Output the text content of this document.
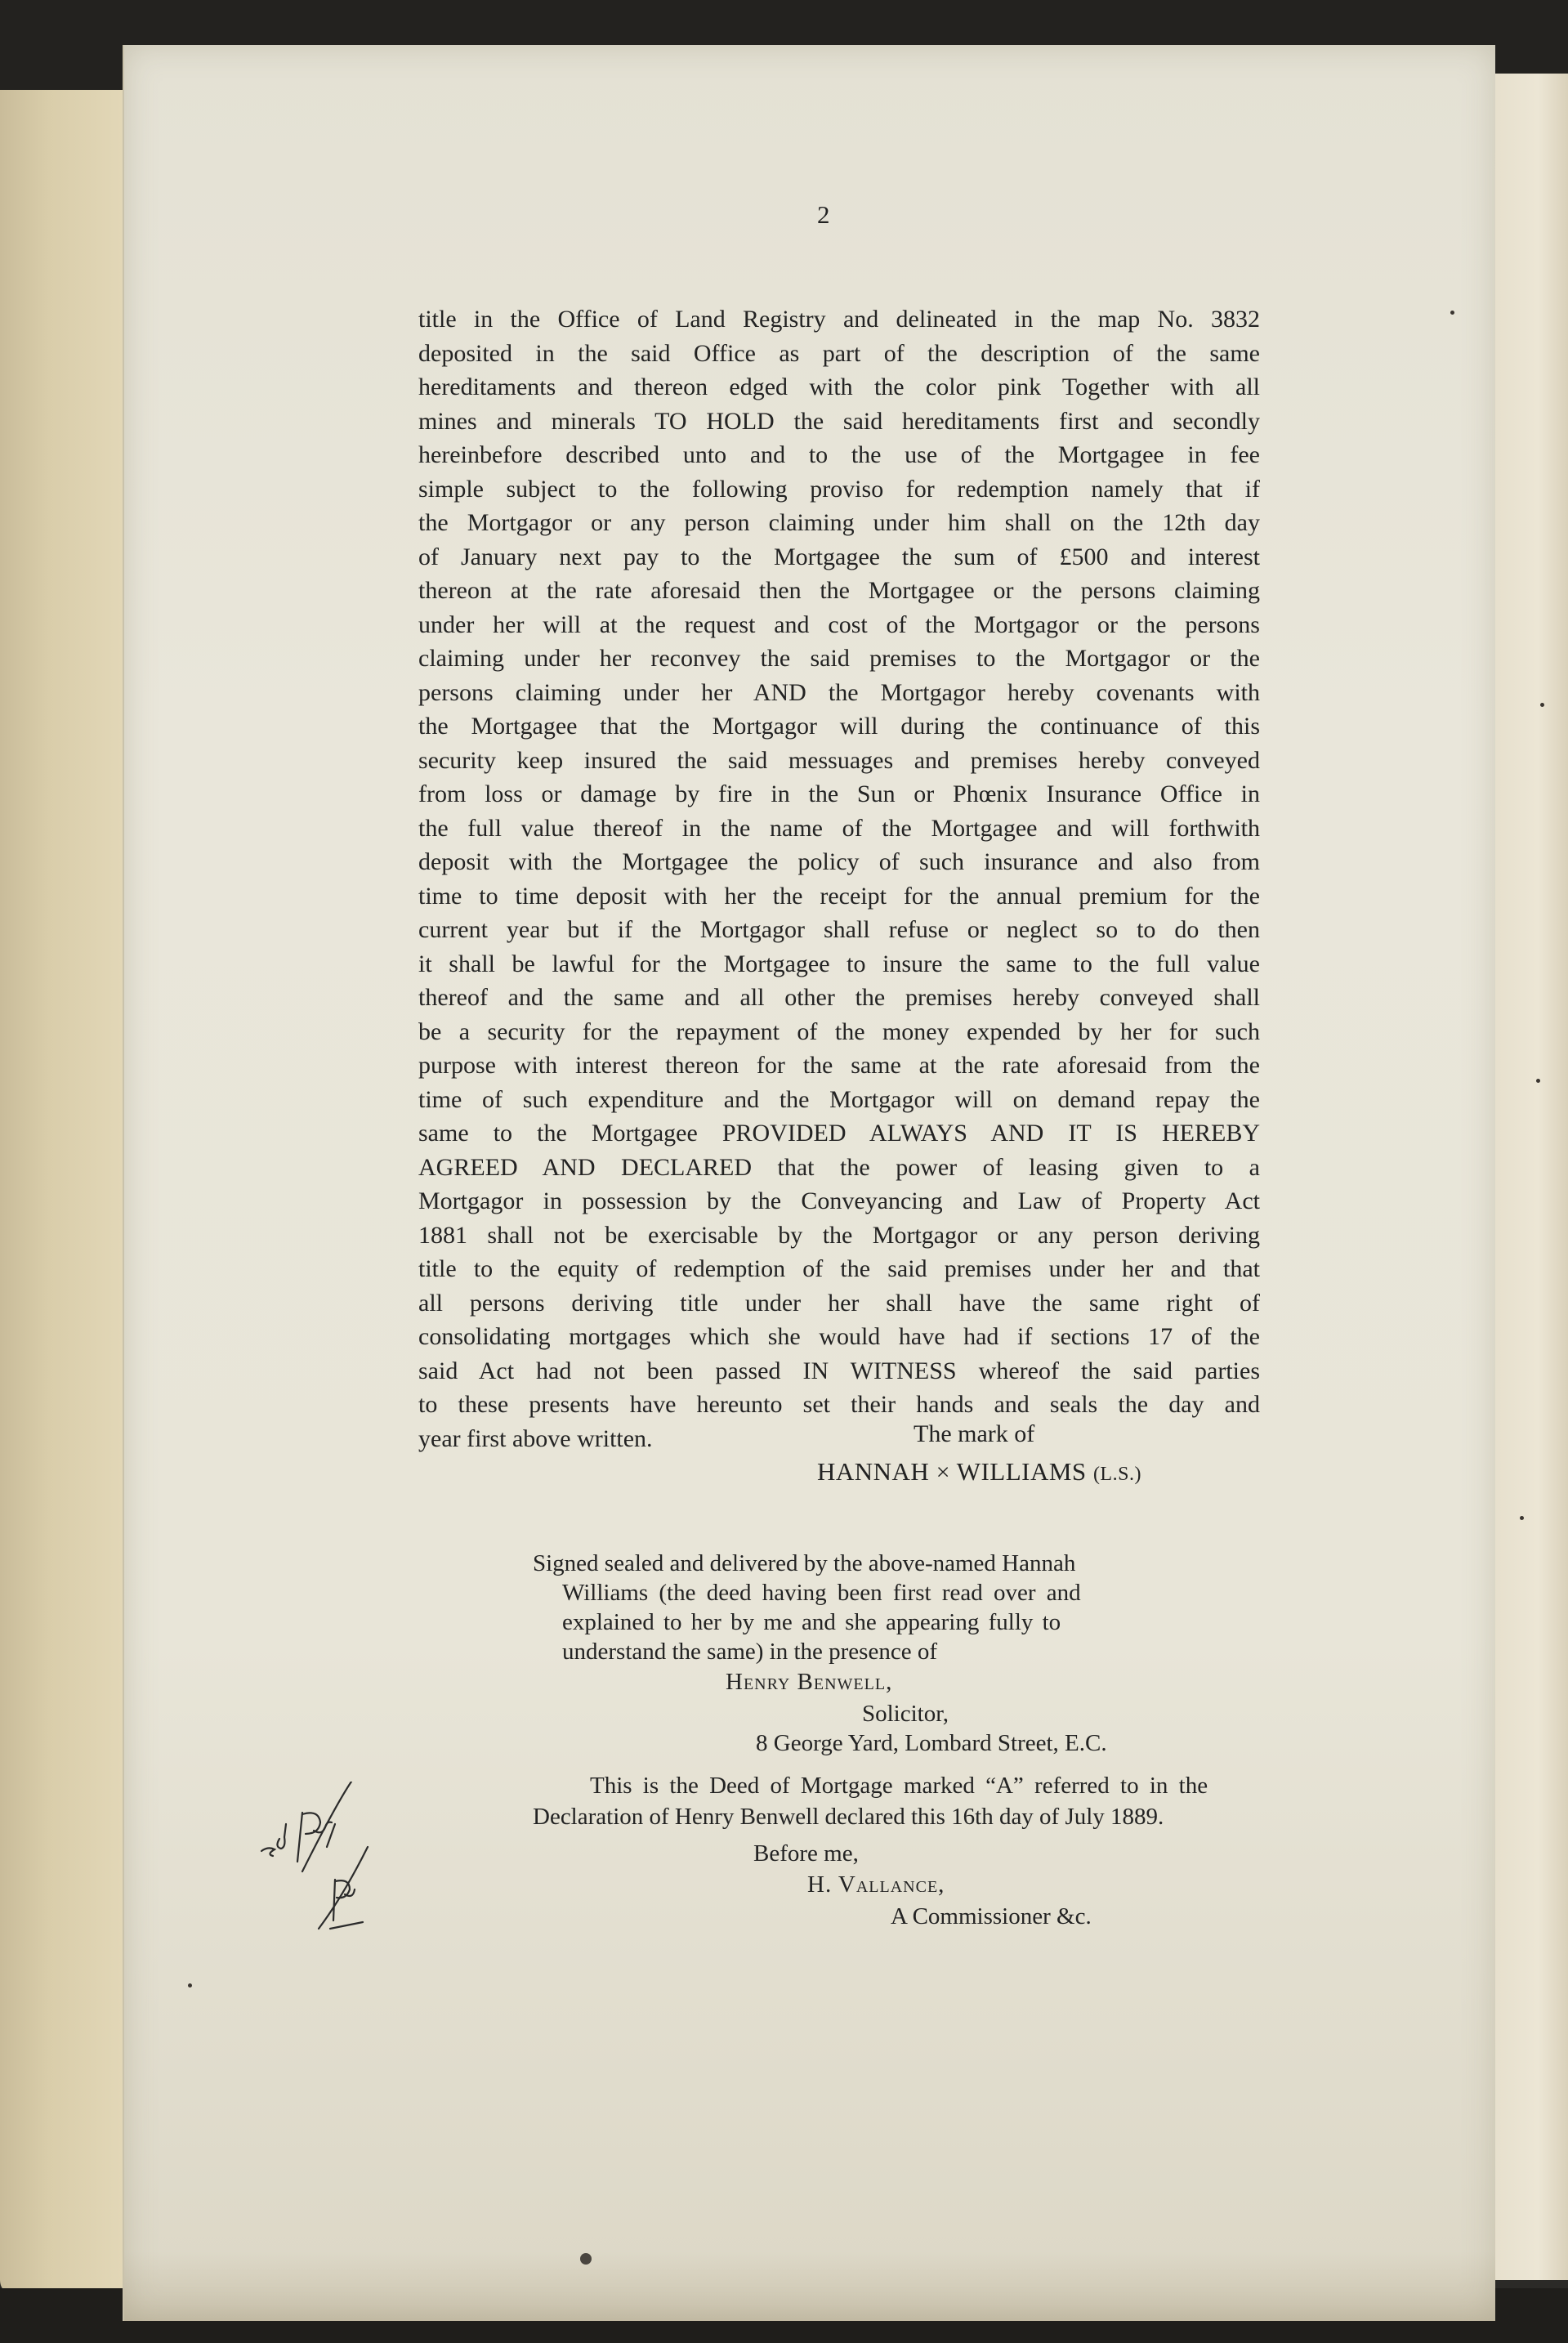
2
title in the Office of Land Registry and delineated in the map No. 3832
deposited in the said Office as part of the description of the same
hereditaments and thereon edged with the color pink Together with all
mines and minerals TO HOLD the said hereditaments first and secondly
hereinbefore described unto and to the use of the Mortgagee in fee
simple subject to the following proviso for redemption namely that if
the Mortgagor or any person claiming under him shall on the 12th day
of January next pay to the Mortgagee the sum of £500 and interest
thereon at the rate aforesaid then the Mortgagee or the persons claiming
under her will at the request and cost of the Mortgagor or the persons
claiming under her reconvey the said premises to the Mortgagor or the
persons claiming under her AND the Mortgagor hereby covenants with
the Mortgagee that the Mortgagor will during the continuance of this
security keep insured the said messuages and premises hereby conveyed
from loss or damage by fire in the Sun or Phœnix Insurance Office in
the full value thereof in the name of the Mortgagee and will forthwith
deposit with the Mortgagee the policy of such insurance and also from
time to time deposit with her the receipt for the annual premium for the
current year but if the Mortgagor shall refuse or neglect so to do then
it shall be lawful for the Mortgagee to insure the same to the full value
thereof and the same and all other the premises hereby conveyed shall
be a security for the repayment of the money expended by her for such
purpose with interest thereon for the same at the rate aforesaid from the
time of such expenditure and the Mortgagor will on demand repay the
same to the Mortgagee PROVIDED ALWAYS AND IT IS HEREBY
AGREED AND DECLARED that the power of leasing given to a
Mortgagor in possession by the Conveyancing and Law of Property Act
1881 shall not be exercisable by the Mortgagor or any person deriving
title to the equity of redemption of the said premises under her and that
all persons deriving title under her shall have the same right of
consolidating mortgages which she would have had if sections 17 of the
said Act had not been passed IN WITNESS whereof the said parties
to these presents have hereunto set their hands and seals the day and
year first above written.	The mark of
HANNAH × WILLIAMS (L.S.)
Signed sealed and delivered by the above-named Hannah
Williams (the deed having been first read over and
explained to her by me and she appearing fully to
understand the same) in the presence of
Henry Benwell,
Solicitor,
8 George Yard, Lombard Street, E.C.
This is the Deed of Mortgage marked “A” referred to in the
Declaration of Henry Benwell declared this 16th day of July 1889.
Before me,
H. Vallance,
A Commissioner &c.
